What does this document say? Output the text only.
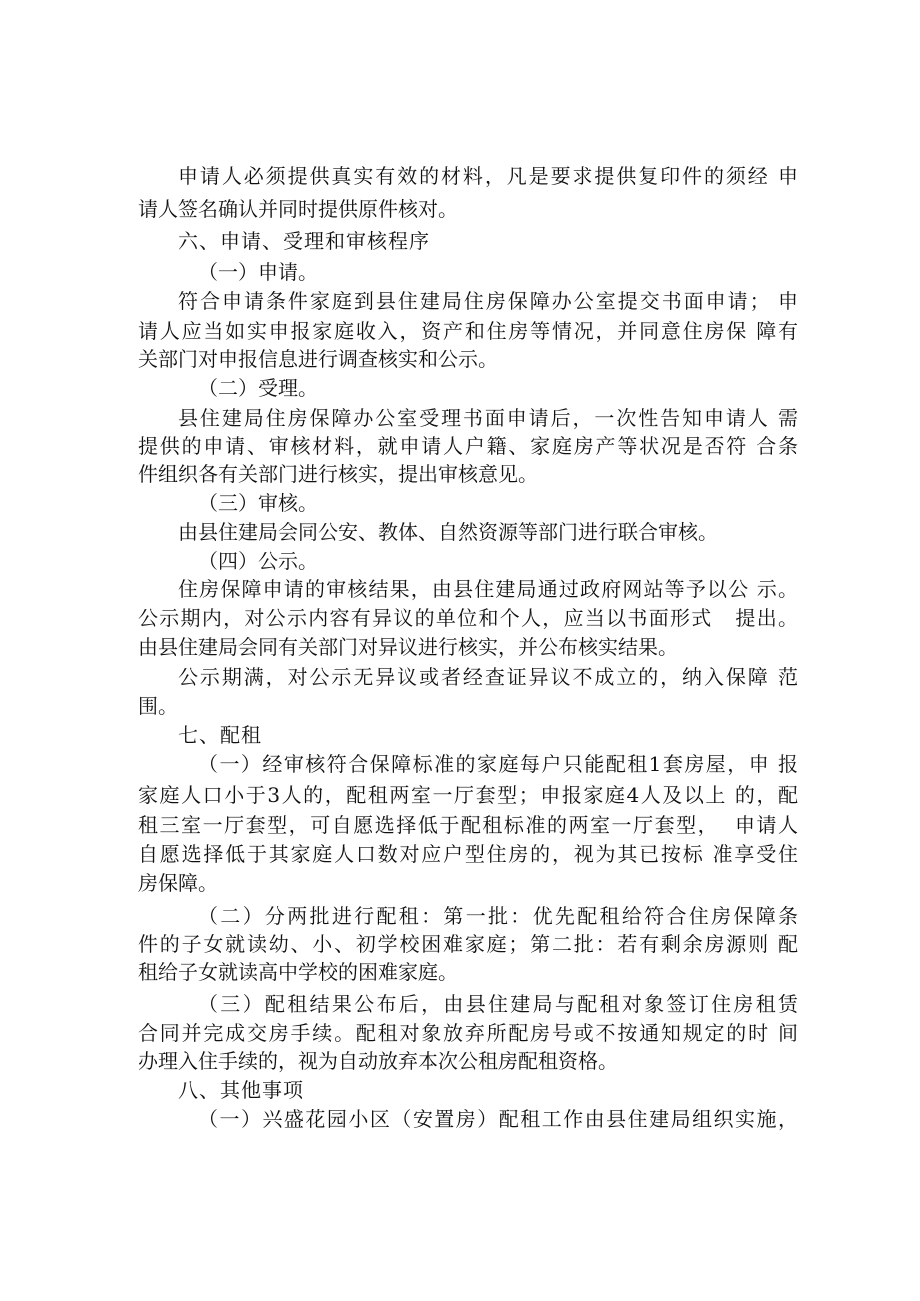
申请人必须提供真实有效的材料，凡是要求提供复印件的须经 申

请人签名确认并同时提供原件核对。

六、申请、受理和审核程序

（一）申请。

符合申请条件家庭到县住建局住房保障办公室提交书面申请； 申

请人应当如实申报家庭收入，资产和住房等情况，并同意住房保 障有

关部门对申报信息进行调查核实和公示。

（二）受理。

县住建局住房保障办公室受理书面申请后，一次性告知申请人 需

提供的申请、审核材料，就申请人户籍、家庭房产等状况是否符 合条

件组织各有关部门进行核实，提出审核意见。

（三）审核。

由县住建局会同公安、教体、自然资源等部门进行联合审核。

（四）公示。

住房保障申请的审核结果，由县住建局通过政府网站等予以公 示。

公示期内，对公示内容有异议的单位和个人，应当以书面形式   提出。

由县住建局会同有关部门对异议进行核实，并公布核实结果。

公示期满，对公示无异议或者经查证异议不成立的，纳入保障 范

围。

七、配租

（一）经审核符合保障标准的家庭每户只能配租1套房屋，申 报

家庭人口小于3人的，配租两室一厅套型；申报家庭4人及以上 的，配

租三室一厅套型，可自愿选择低于配租标准的两室一厅套型，  申请人

自愿选择低于其家庭人口数对应户型住房的，视为其已按标 准享受住

房保障。

（二）分两批进行配租：第一批：优先配租给符合住房保障条

件的子女就读幼、小、初学校困难家庭；第二批：若有剩余房源则 配

租给子女就读高中学校的困难家庭。

（三）配租结果公布后，由县住建局与配租对象签订住房租赁

合同并完成交房手续。配租对象放弃所配房号或不按通知规定的时 间

办理入住手续的，视为自动放弃本次公租房配租资格。

八、其他事项

（一）兴盛花园小区（安置房）配租工作由县住建局组织实施，
